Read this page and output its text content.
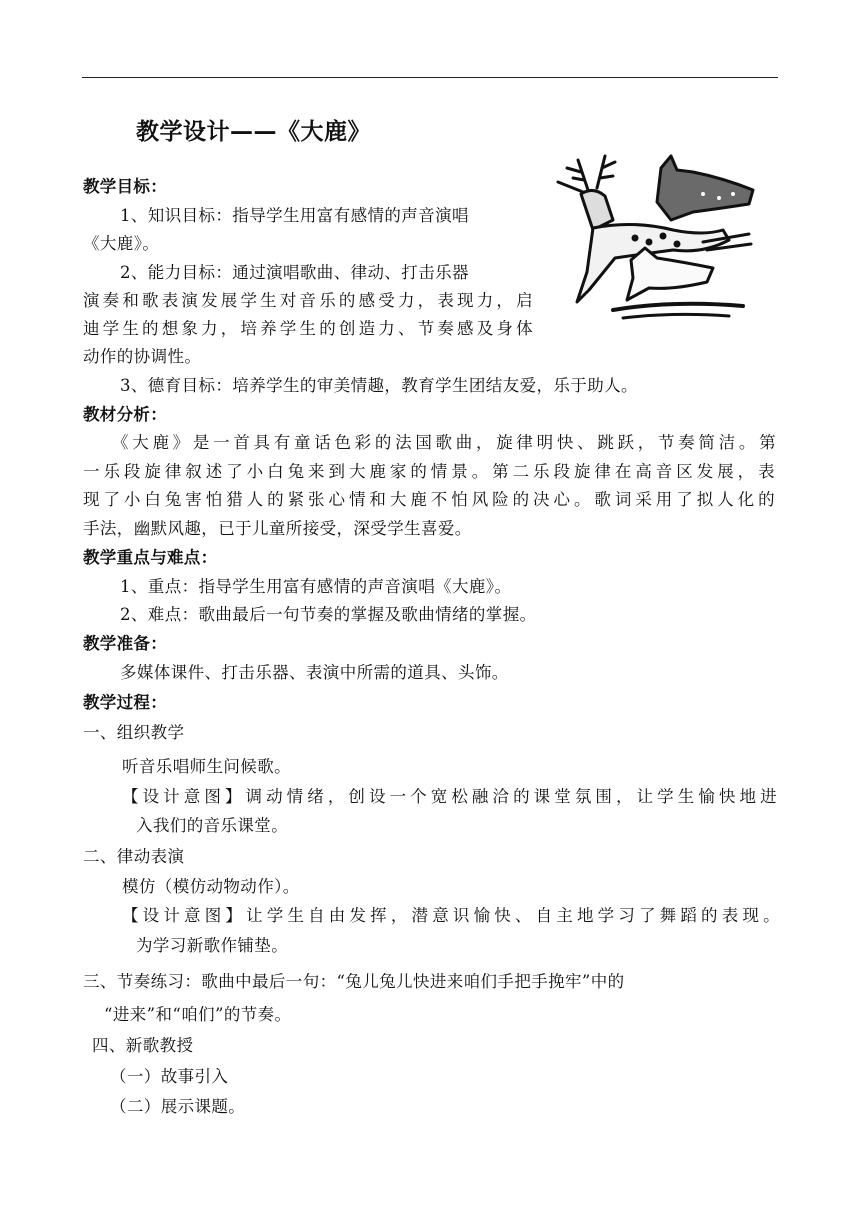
教学设计——《大鹿》
教学目标：
1、知识目标：指导学生用富有感情的声音演唱
《大鹿》。
2、能力目标：通过演唱歌曲、律动、打击乐器
演奏和歌表演发展学生对音乐的感受力，表现力，启
迪学生的想象力，培养学生的创造力、节奏感及身体
动作的协调性。
3、德育目标：培养学生的审美情趣，教育学生团结友爱，乐于助人。
教材分析：
《大鹿》是一首具有童话色彩的法国歌曲，旋律明快、跳跃，节奏简洁。第
一乐段旋律叙述了小白兔来到大鹿家的情景。第二乐段旋律在高音区发展，表
现了小白兔害怕猎人的紧张心情和大鹿不怕风险的决心。歌词采用了拟人化的
手法，幽默风趣，已于儿童所接受，深受学生喜爱。
教学重点与难点：
1、重点：指导学生用富有感情的声音演唱《大鹿》。
2、难点：歌曲最后一句节奏的掌握及歌曲情绪的掌握。
教学准备：
多媒体课件、打击乐器、表演中所需的道具、头饰。
教学过程：
一、组织教学
听音乐唱师生问候歌。
【设计意图】调动情绪，创设一个宽松融洽的课堂氛围，让学生愉快地进
入我们的音乐课堂。
二、律动表演
模仿（模仿动物动作）。
【设计意图】让学生自由发挥，潜意识愉快、自主地学习了舞蹈的表现。
为学习新歌作铺垫。
三、节奏练习：歌曲中最后一句：“兔儿兔儿快进来咱们手把手挽牢”中的
“进来”和“咱们”的节奏。
四、新歌教授
（一）故事引入
（二）展示课题。
